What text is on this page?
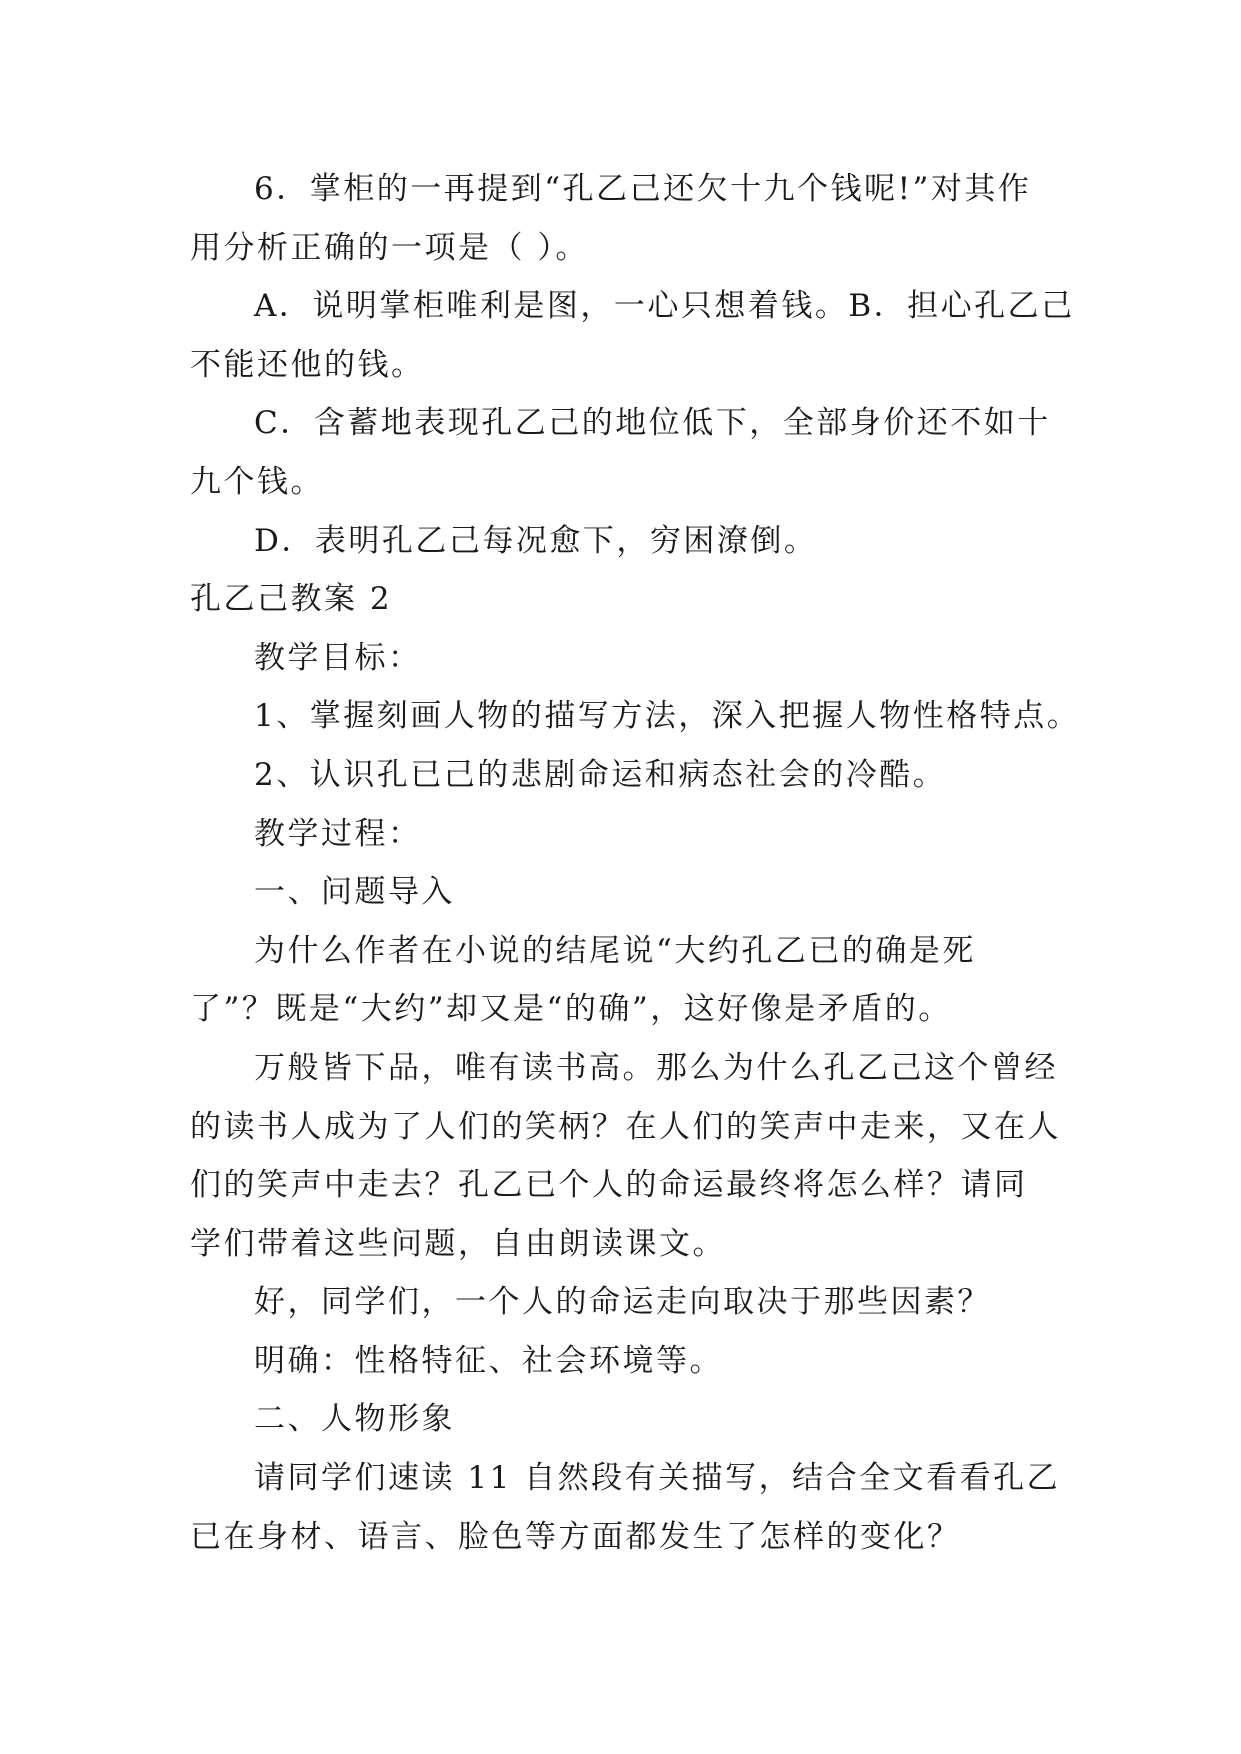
6．掌柜的一再提到“孔乙己还欠十九个钱呢!”对其作

用分析正确的一项是（ ）。

A．说明掌柜唯利是图，一心只想着钱。B．担心孔乙己

不能还他的钱。

C．含蓄地表现孔乙己的地位低下，全部身价还不如十

九个钱。

D．表明孔乙己每况愈下，穷困潦倒。

孔乙己教案 2

教学目标：

1、掌握刻画人物的描写方法，深入把握人物性格特点。

2、认识孔已己的悲剧命运和病态社会的冷酷。

教学过程：

一、问题导入

为什么作者在小说的结尾说“大约孔乙已的确是死

了”？既是“大约”却又是“的确”，这好像是矛盾的。

万般皆下品，唯有读书高。那么为什么孔乙己这个曾经

的读书人成为了人们的笑柄？在人们的笑声中走来，又在人

们的笑声中走去？孔乙已个人的命运最终将怎么样？请同

学们带着这些问题，自由朗读课文。

好，同学们，一个人的命运走向取决于那些因素？

明确：性格特征、社会环境等。

二、人物形象

请同学们速读 11 自然段有关描写，结合全文看看孔乙

已在身材、语言、脸色等方面都发生了怎样的变化？
